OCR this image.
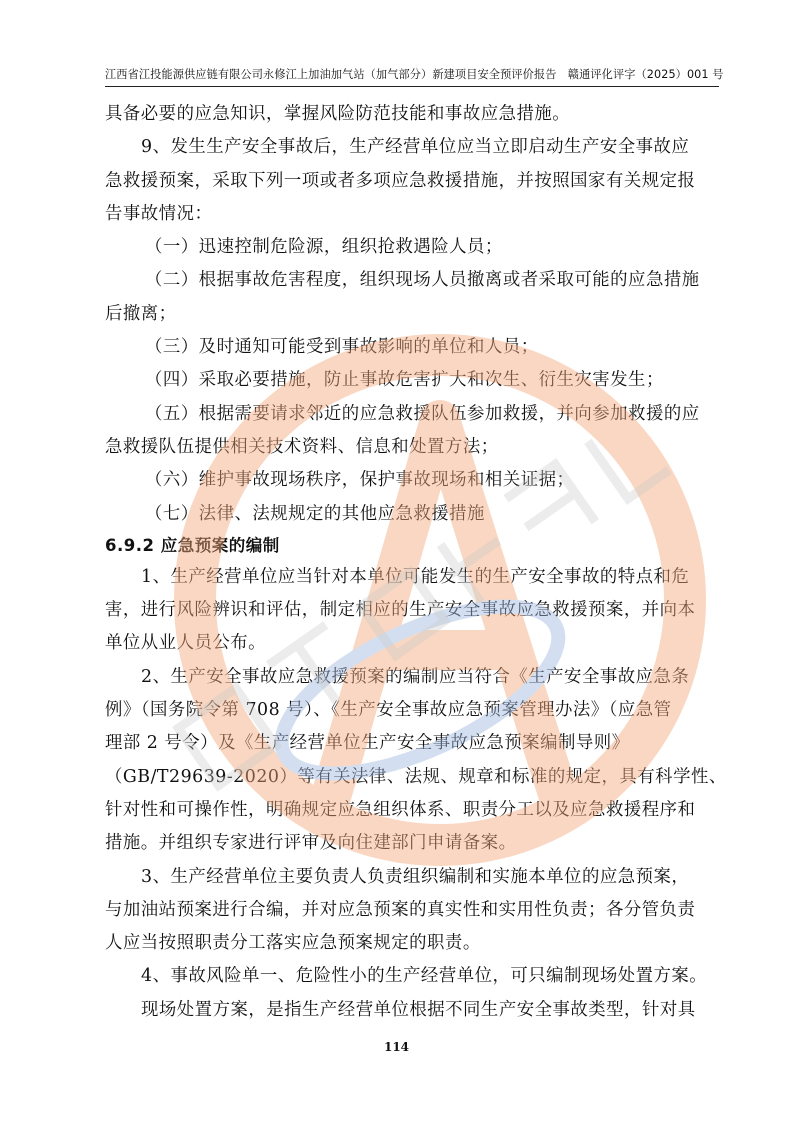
江西省江投能源供应链有限公司永修江上加油加气站（加气部分）新建项目安全预评价报告　赣通评化评字（2025）001 号
具备必要的应急知识，掌握风险防范技能和事故应急措施。
9、发生生产安全事故后，生产经营单位应当立即启动生产安全事故应
急救援预案，采取下列一项或者多项应急救援措施，并按照国家有关规定报
告事故情况：
（一）迅速控制危险源，组织抢救遇险人员；
（二）根据事故危害程度，组织现场人员撤离或者采取可能的应急措施
后撤离；
（三）及时通知可能受到事故影响的单位和人员；
（四）采取必要措施，防止事故危害扩大和次生、衍生灾害发生；
（五）根据需要请求邻近的应急救援队伍参加救援，并向参加救援的应
急救援队伍提供相关技术资料、信息和处置方法；
（六）维护事故现场秩序，保护事故现场和相关证据；
（七）法律、法规规定的其他应急救援措施
6.9.2 应急预案的编制
1、生产经营单位应当针对本单位可能发生的生产安全事故的特点和危
害，进行风险辨识和评估，制定相应的生产安全事故应急救援预案，并向本
单位从业人员公布。
2、生产安全事故应急救援预案的编制应当符合《生产安全事故应急条
例》（国务院令第 708 号）、《生产安全事故应急预案管理办法》（应急管
理部 2 号令）及《生产经营单位生产安全事故应急预案编制导则》
（GB/T29639-2020）等有关法律、法规、规章和标准的规定，具有科学性、
针对性和可操作性，明确规定应急组织体系、职责分工以及应急救援程序和
措施。并组织专家进行评审及向住建部门申请备案。
3、生产经营单位主要负责人负责组织编制和实施本单位的应急预案，
与加油站预案进行合编，并对应急预案的真实性和实用性负责；各分管负责
人应当按照职责分工落实应急预案规定的职责。
4、事故风险单一、危险性小的生产经营单位，可只编制现场处置方案。
现场处置方案，是指生产经营单位根据不同生产安全事故类型，针对具
114
